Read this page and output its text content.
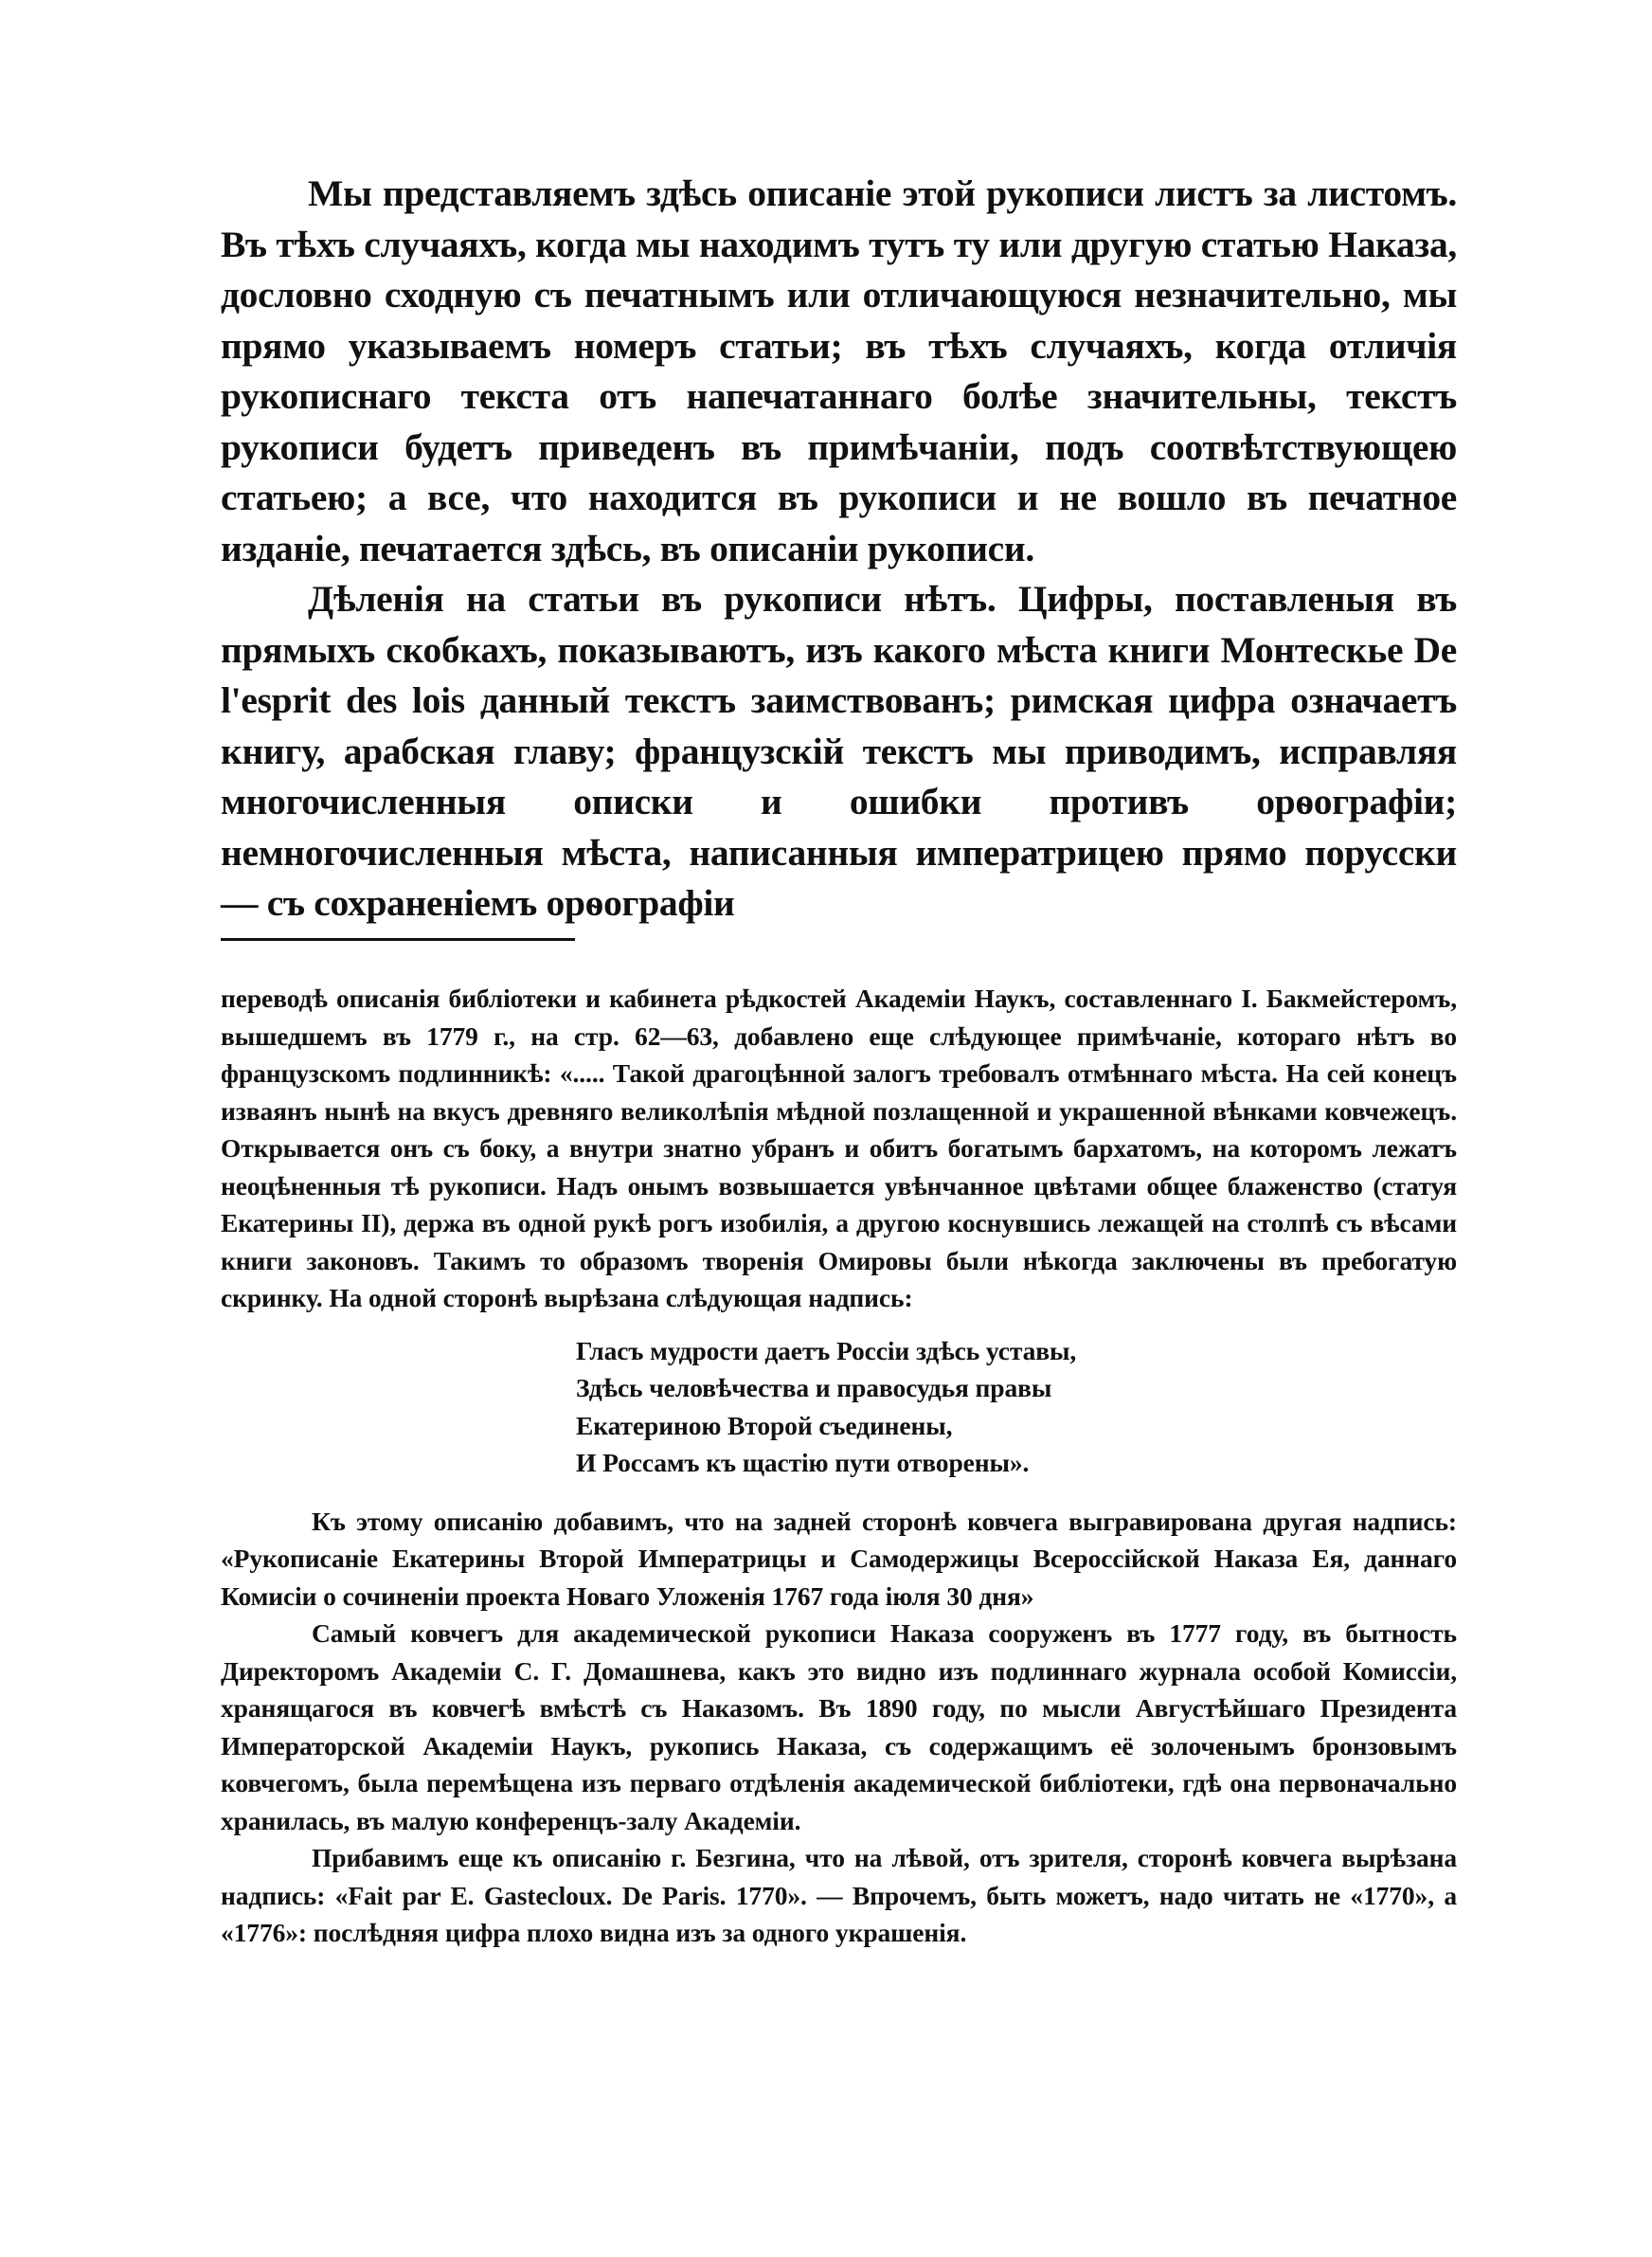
Мы представляемъ здѣсь описаніе этой рукописи листъ за листомъ. Въ тѣхъ случаяхъ, когда мы находимъ тутъ ту или другую статью Наказа, дословно сходную съ печатнымъ или отличающуюся незначительно, мы прямо указываемъ номеръ статьи; въ тѣхъ случаяхъ, когда отличія рукописнаго текста отъ напечатаннаго болѣе значительны, текстъ рукописи будетъ приведенъ въ примѣчаніи, подъ соотвѣтствующею статьею; а все, что находится въ рукописи и не вошло въ печатное изданіе, печатается здѣсь, въ описаніи рукописи.

Дѣленія на статьи въ рукописи нѣтъ. Цифры, поставленыя въ прямыхъ скобкахъ, показываютъ, изъ какого мѣста книги Монтескье De l'esprit des lois данный текстъ заимствованъ; римская цифра означаетъ книгу, арабская главу; французскій текстъ мы приводимъ, исправляя многочисленныя описки и ошибки противъ орѳографіи; немногочисленныя мѣста, написанныя императрицею прямо порусски — съ сохраненіемъ орѳографіи

переводѣ описанія библіотеки и кабинета рѣдкостей Академіи Наукъ, составленнаго І. Бакмейстеромъ, вышедшемъ въ 1779 г., на стр. 62—63, добавлено еще слѣдующее примѣчаніе, котораго нѣтъ во французскомъ подлинникѣ: «..... Такой драгоцѣнной залогъ требовалъ отмѣннаго мѣста. На сей конецъ изваянъ нынѣ на вкусъ древняго великолѣпія мѣдной позлащенной и украшенной вѣнками ковчежецъ. Открывается онъ съ боку, а внутри знатно убранъ и обитъ богатымъ бархатомъ, на которомъ лежатъ неоцѣненныя тѣ рукописи. Надъ онымъ возвышается увѣнчанное цвѣтами общее блаженство (статуя Екатерины II), держа въ одной рукѣ рогъ изобилія, а другою коснувшись лежащей на столпѣ съ вѣсами книги законовъ. Такимъ то образомъ творенія Омировы были нѣкогда заключены въ пребогатую скринку. На одной сторонѣ вырѣзана слѣдующая надпись:

Гласъ мудрости даетъ Россіи здѣсь уставы,
Здѣсь человѣчества и правосудья правы
Екатериною Второй съединены,
И Россамъ къ щастію пути отворены».

Къ этому описанію добавимъ, что на задней сторонѣ ковчега выгравирована другая надпись: «Рукописаніе Екатерины Второй Императрицы и Самодержицы Всероссійской Наказа Ея, даннаго Комисіи о сочиненіи проекта Новаго Уложенія 1767 года іюля 30 дня»

Самый ковчегъ для академической рукописи Наказа сооруженъ въ 1777 году, въ бытность Директоромъ Академіи С. Г. Домашнева, какъ это видно изъ подлиннаго журнала особой Комиссіи, хранящагося въ ковчегѣ вмѣстѣ съ Наказомъ. Въ 1890 году, по мысли Августѣйшаго Президента Императорской Академіи Наукъ, рукопись Наказа, съ содержащимъ её золоченымъ бронзовымъ ковчегомъ, была перемѣщена изъ перваго отдѣленія академической библіотеки, гдѣ она первоначально хранилась, въ малую конференцъ-залу Академіи.

Прибавимъ еще къ описанію г. Безгина, что на лѣвой, отъ зрителя, сторонѣ ковчега вырѣзана надпись: «Fait par E. Gastecloux. De Paris. 1770». — Впрочемъ, быть можетъ, надо читать не «1770», а «1776»: послѣдняя цифра плохо видна изъ за одного украшенія.
